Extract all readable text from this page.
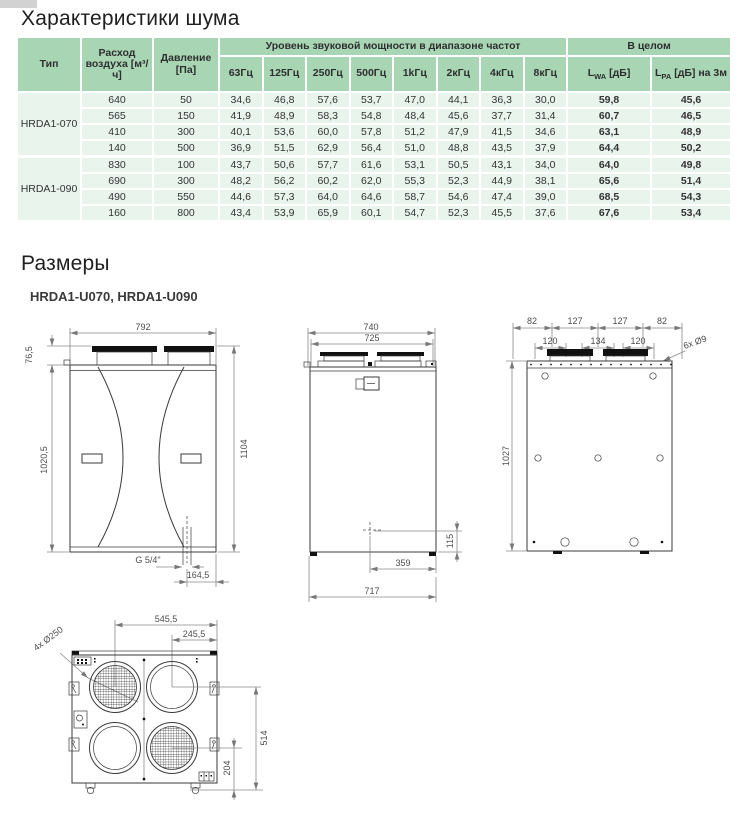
Характеристики шума
Тип	Расход воздуха [м³/ч]	Давление [Па]	Уровень звуковой мощности в диапазоне частот								В целом	
			63Гц	125Гц	250Гц	500Гц	1kГц	2кГц	4кГц	8кГц	$L_{WA}$ [дБ]	$L_{PA}$ [дБ] на 3м
HRDA1-070	640	50	34,6	46,8	57,6	53,7	47,0	44,1	36,3	30,0	59,8	45,6
	565	150	41,9	48,9	58,3	54,8	48,4	45,6	37,7	31,4	60,7	46,5
	410	300	40,1	53,6	60,0	57,8	51,2	47,9	41,5	34,6	63,1	48,9
	140	500	36,9	51,5	62,9	56,4	51,0	48,8	43,5	37,9	64,4	50,2
HRDA1-090	830	100	43,7	50,6	57,7	61,6	53,1	50,5	43,1	34,0	64,0	49,8
	690	300	48,2	56,2	60,2	62,0	55,3	52,3	44,9	38,1	65,6	51,4
	490	550	44,6	57,3	64,0	64,6	58,7	54,6	47,4	39,0	68,5	54,3
	160	800	43,4	53,9	65,9	60,1	54,7	52,3	45,5	37,6	67,6	53,4
Размеры
HRDA1-U070, HRDA1-U090
792
76,5
1020,5	1104
G 5/4"
164,5
740
725
115
359
717
82	127	127	82
120	134	120	6x Ø9
1027
545,5
245,5
4x Ø250
514
204
